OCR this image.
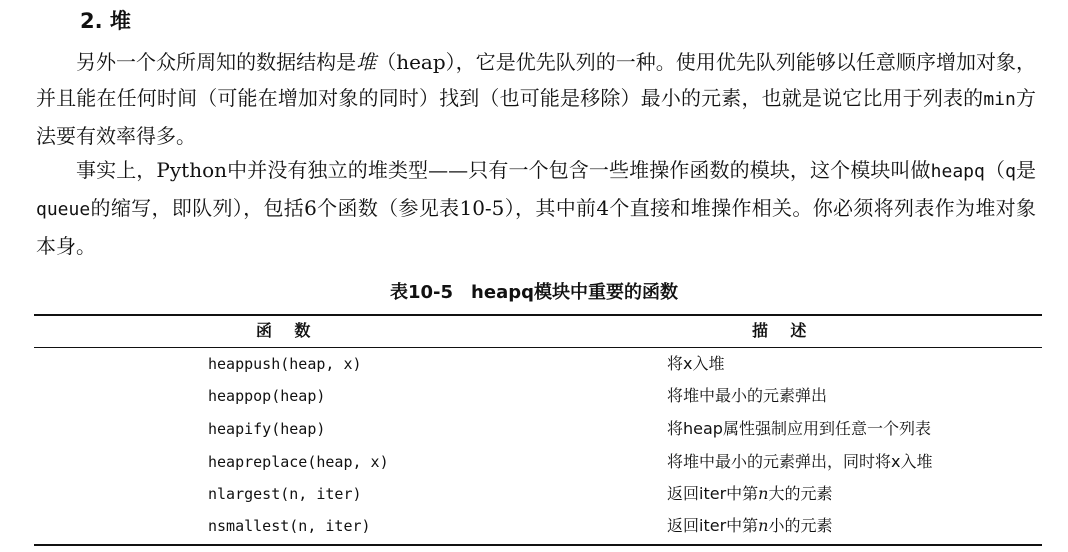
2. 堆

另外一个众所周知的数据结构是堆（heap），它是优先队列的一种。使用优先队列能够以任意顺序增加对象，并且能在任何时间（可能在增加对象的同时）找到（也可能是移除）最小的元素，也就是说它比用于列表的min方法要有效率得多。

事实上，Python中并没有独立的堆类型——只有一个包含一些堆操作函数的模块，这个模块叫做heapq（q是queue的缩写，即队列），包括6个函数（参见表10-5），其中前4个直接和堆操作相关。你必须将列表作为堆对象本身。

表10-5　heapq模块中重要的函数
函　数	描　述
heappush(heap, x)	将x入堆
heappop(heap)	将堆中最小的元素弹出
heapify(heap)	将heap属性强制应用到任意一个列表
heapreplace(heap, x)	将堆中最小的元素弹出，同时将x入堆
nlargest(n, iter)	返回iter中第n大的元素
nsmallest(n, iter)	返回iter中第n小的元素
